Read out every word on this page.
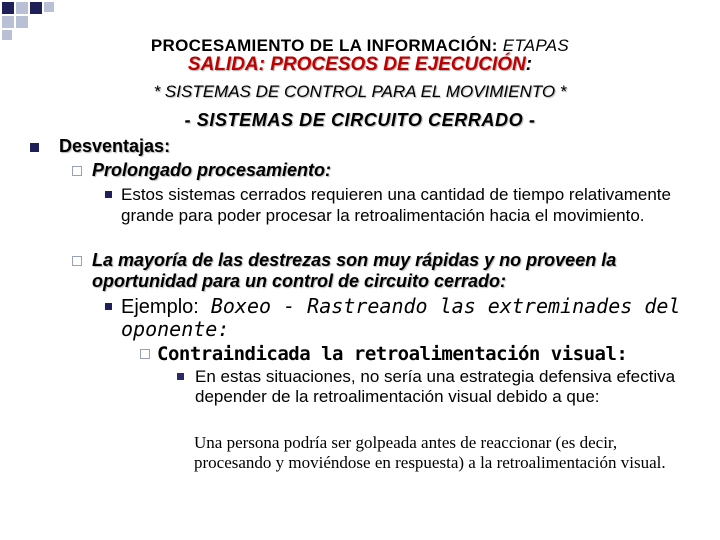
PROCESAMIENTO DE LA INFORMACIÓN: ETAPAS
SALIDA: PROCESOS DE EJECUCIÓN:
* SISTEMAS DE CONTROL PARA EL MOVIMIENTO *
- SISTEMAS DE CIRCUITO CERRADO -
Desventajas:
Prolongado procesamiento:
Estos sistemas cerrados requieren una cantidad de tiempo relativamente grande para poder procesar la retroalimentación hacia el movimiento.
La mayoría de las destrezas son muy rápidas y no proveen la oportunidad para un control de circuito cerrado:
Ejemplo: Boxeo - Rastreando las extreminades del oponente:
Contraindicada la retroalimentación visual:
En estas situaciones, no sería una estrategia defensiva efectiva depender de la retroalimentación visual debido a que:
Una persona podría ser golpeada antes de reaccionar (es decir, procesando y moviéndose en respuesta) a la retroalimentación visual.
